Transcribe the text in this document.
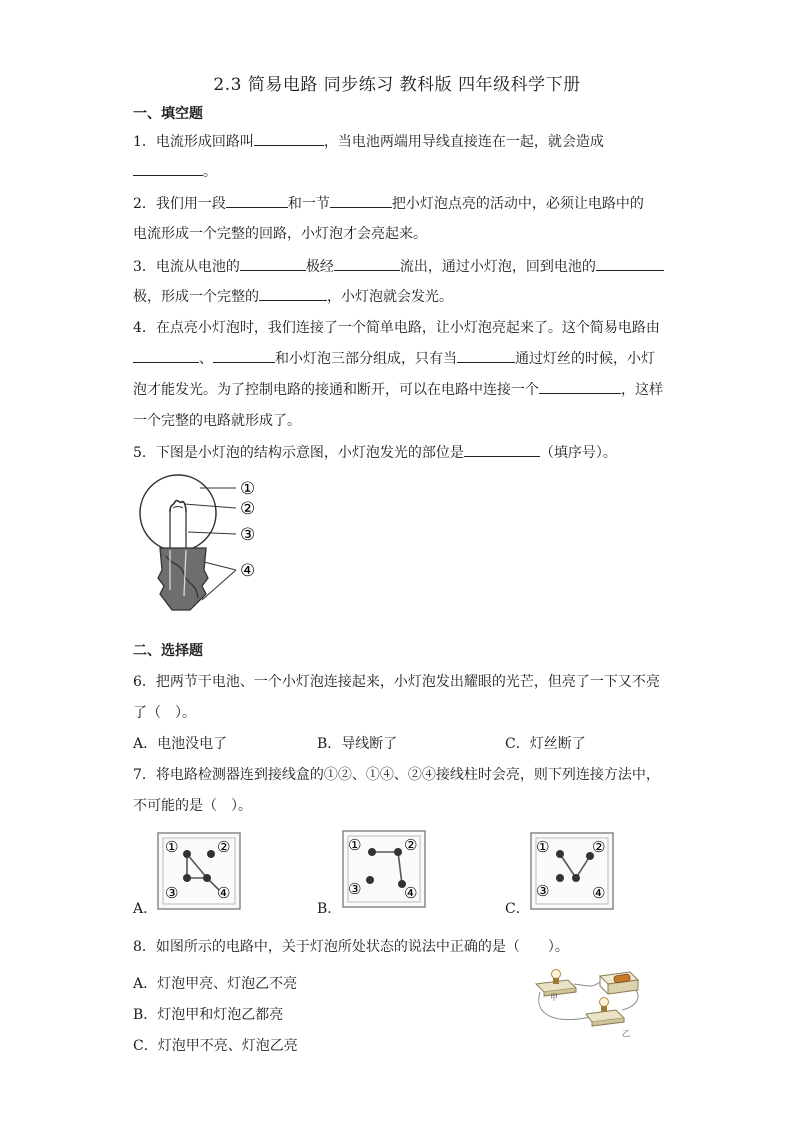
2.3 简易电路 同步练习 教科版 四年级科学下册
一、填空题
1．电流形成回路叫	，当电池两端用导线直接连在一起，就会造成
。
2．我们用一段	和一节	把小灯泡点亮的活动中，必须让电路中的
电流形成一个完整的回路，小灯泡才会亮起来。
3．电流从电池的	极经	流出，通过小灯泡，回到电池的
极，形成一个完整的	，小灯泡就会发光。
4．在点亮小灯泡时，我们连接了一个简单电路，让小灯泡亮起来了。这个简易电路由
、	和小灯泡三部分组成，只有当	通过灯丝的时候，小灯
泡才能发光。为了控制电路的接通和断开，可以在电路中连接一个	，这样
一个完整的电路就形成了。
5．下图是小灯泡的结构示意图，小灯泡发光的部位是	（填序号）。
①
②
③
④
二、选择题
6．把两节干电池、一个小灯泡连接起来，小灯泡发出耀眼的光芒，但亮了一下又不亮
了（　）。
A．电池没电了	B．导线断了	C．灯丝断了
7．将电路检测器连到接线盒的①②、①④、②④接线柱时会亮，则下列连接方法中，
不可能的是（　）。
A．
①	②
③	④
B．
①	②
③	④
C．
①	②
③	④
8．如图所示的电路中，关于灯泡所处状态的说法中正确的是（　　）。
A．灯泡甲亮、灯泡乙不亮
B．灯泡甲和灯泡乙都亮
C．灯泡甲不亮、灯泡乙亮
甲
乙
